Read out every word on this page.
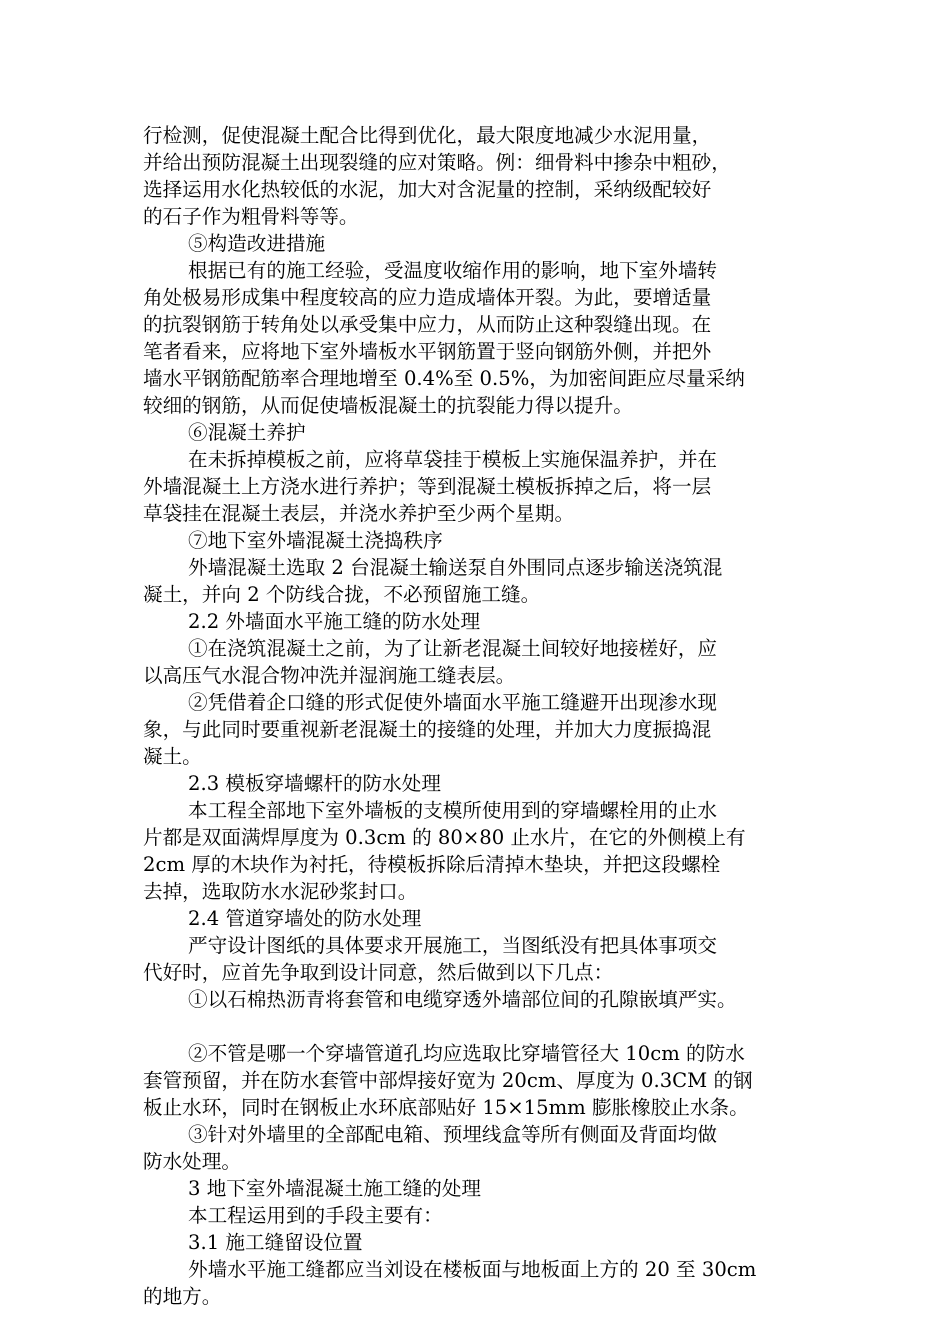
行检测，促使混凝土配合比得到优化，最大限度地减少水泥用量，
并给出预防混凝土出现裂缝的应对策略。例：细骨料中掺杂中粗砂，
选择运用水化热较低的水泥，加大对含泥量的控制，采纳级配较好
的石子作为粗骨料等等。
⑤构造改进措施
根据已有的施工经验，受温度收缩作用的影响，地下室外墙转
角处极易形成集中程度较高的应力造成墙体开裂。为此，要增适量
的抗裂钢筋于转角处以承受集中应力，从而防止这种裂缝出现。在
笔者看来，应将地下室外墙板水平钢筋置于竖向钢筋外侧，并把外
墙水平钢筋配筋率合理地增至 0.4%至 0.5%，为加密间距应尽量采纳
较细的钢筋，从而促使墙板混凝土的抗裂能力得以提升。
⑥混凝土养护
在未拆掉模板之前，应将草袋挂于模板上实施保温养护，并在
外墙混凝土上方浇水进行养护；等到混凝土模板拆掉之后，将一层
草袋挂在混凝土表层，并浇水养护至少两个星期。
⑦地下室外墙混凝土浇捣秩序
外墙混凝土选取 2 台混凝土输送泵自外围同点逐步输送浇筑混
凝土，并向 2 个防线合拢，不必预留施工缝。
2.2 外墙面水平施工缝的防水处理
①在浇筑混凝土之前，为了让新老混凝土间较好地接槎好，应
以高压气水混合物冲洗并湿润施工缝表层。
②凭借着企口缝的形式促使外墙面水平施工缝避开出现渗水现
象，与此同时要重视新老混凝土的接缝的处理，并加大力度振捣混
凝土。
2.3 模板穿墙螺杆的防水处理
本工程全部地下室外墙板的支模所使用到的穿墙螺栓用的止水
片都是双面满焊厚度为 0.3cm 的 80×80 止水片，在它的外侧模上有
2cm 厚的木块作为衬托，待模板拆除后清掉木垫块，并把这段螺栓
去掉，选取防水水泥砂浆封口。
2.4 管道穿墙处的防水处理
严守设计图纸的具体要求开展施工，当图纸没有把具体事项交
代好时，应首先争取到设计同意，然后做到以下几点：
①以石棉热沥青将套管和电缆穿透外墙部位间的孔隙嵌填严实。
②不管是哪一个穿墙管道孔均应选取比穿墙管径大 10cm 的防水
套管预留，并在防水套管中部焊接好宽为 20cm、厚度为 0.3CM 的钢
板止水环，同时在钢板止水环底部贴好 15×15mm 膨胀橡胶止水条。
③针对外墙里的全部配电箱、预埋线盒等所有侧面及背面均做
防水处理。
3 地下室外墙混凝土施工缝的处理
本工程运用到的手段主要有：
3.1 施工缝留设位置
外墙水平施工缝都应当刘设在楼板面与地板面上方的 20 至 30cm
的地方。
